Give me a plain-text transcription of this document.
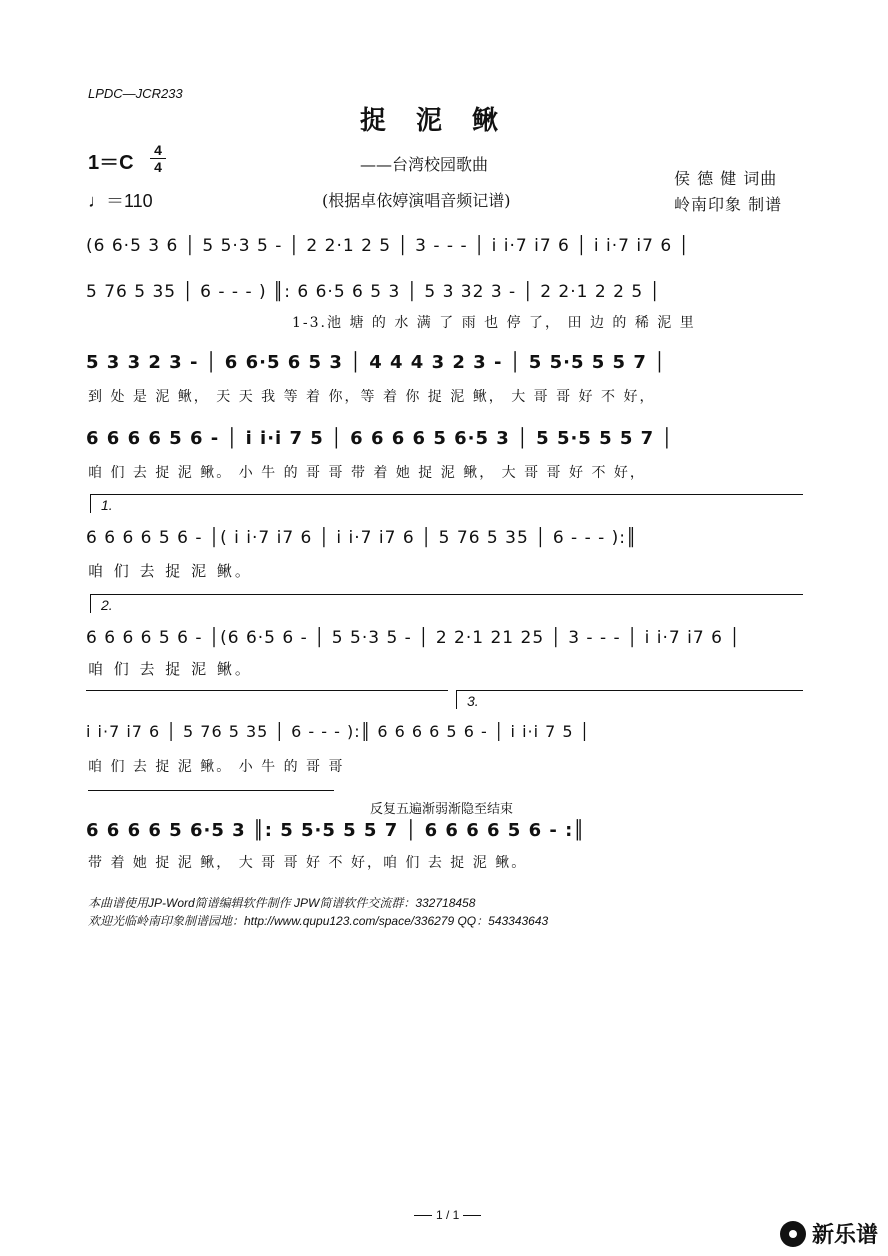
LPDC—JCR233
捉泥鳅
1＝C
4
4
♩＝110
——台湾校园歌曲
(根据卓依婷演唱音频记谱)
侯 德 健 词曲
岭南印象 制谱
(6 6·5 3 6 │ 5 5·3 5 - │ 2 2·1 2 5 │ 3 - - - │ i i·7 i7 6 │ i i·7 i7 6 │
5 76 5 35 │ 6 - - - ) ║: 6 6·5 6 5 3 │ 5 3 32 3 - │ 2 2·1 2 2 5 │
1-3.池 塘 的 水 满 了 雨 也 停 了， 田 边 的 稀 泥 里
5 3 3 2 3 - │ 6 6·5 6 5 3 │ 4 4 4 3 2 3 - │ 5 5·5 5 5 7 │
到 处 是 泥 鳅， 天 天 我 等 着 你，等 着 你 捉 泥 鳅， 大 哥 哥 好 不 好，
6 6 6 6 5 6 - │ i i·i 7 5 │ 6 6 6 6 5 6·5 3 │ 5 5·5 5 5 7 │
咱 们 去 捉 泥 鳅。 小 牛 的 哥 哥 带 着 她 捉 泥 鳅， 大 哥 哥 好 不 好，
1.
6 6 6 6 5 6 - │( i i·7 i7 6 │ i i·7 i7 6 │ 5 76 5 35 │ 6 - - - ):║
咱 们 去 捉 泥 鳅。
2.
6 6 6 6 5 6 - │(6 6·5 6 - │ 5 5·3 5 - │ 2 2·1 21 25 │ 3 - - - │ i i·7 i7 6 │
咱 们 去 捉 泥 鳅。
3.
i i·7 i7 6 │ 5 76 5 35 │ 6 - - - ):║ 6 6 6 6 5 6 - │ i i·i 7 5 │
咱 们 去 捉 泥 鳅。 小 牛 的 哥 哥
反复五遍渐弱渐隐至结束
6 6 6 6 5 6·5 3 ║: 5 5·5 5 5 7 │ 6 6 6 6 5 6 - :║
带 着 她 捉 泥 鳅， 大 哥 哥 好 不 好，咱 们 去 捉 泥 鳅。
本曲谱使用JP-Word简谱编辑软件制作 JPW简谱软件交流群：332718458
欢迎光临岭南印象制谱园地：http://www.qupu123.com/space/336279 QQ：543343643
1 / 1
新乐谱
